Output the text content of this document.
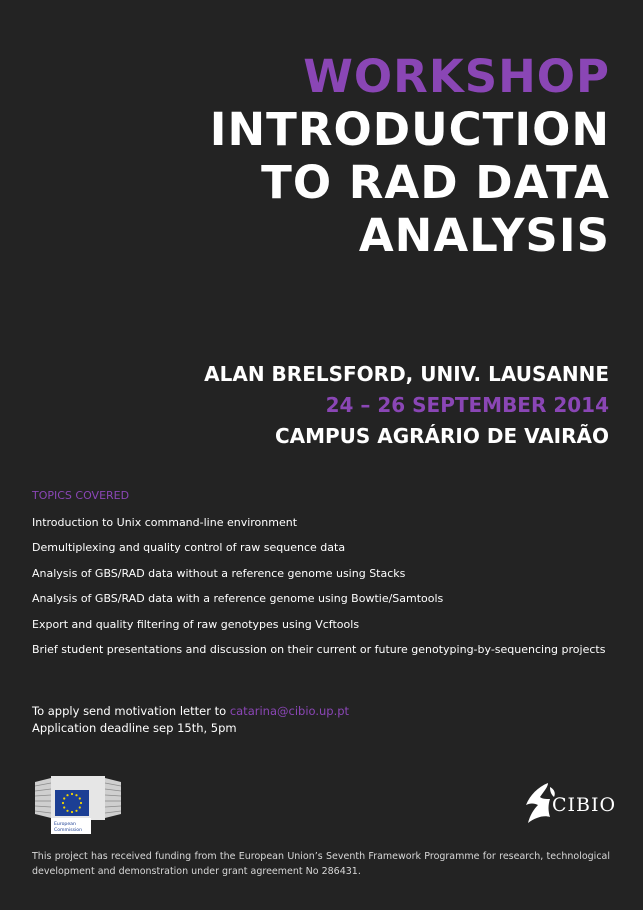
WORKSHOP
INTRODUCTION
TO RAD DATA
ANALYSIS
ALAN BRELSFORD, UNIV. LAUSANNE
24 – 26 SEPTEMBER 2014
CAMPUS AGRÁRIO DE VAIRÃO
TOPICS COVERED
Introduction to Unix command-line environment
Demultiplexing and quality control of raw sequence data
Analysis of GBS/RAD data without a reference genome using Stacks
Analysis of GBS/RAD data with a reference genome using Bowtie/Samtools
Export and quality filtering of raw genotypes using Vcftools
Brief student presentations and discussion on their current or future genotyping-by-sequencing projects
To apply send motivation letter to catarina@cibio.up.pt
Application deadline sep 15th, 5pm
European
Commission
CIBIO
This project has received funding from the European Union’s Seventh Framework Programme for research, technological development and demonstration under grant agreement No 286431.
